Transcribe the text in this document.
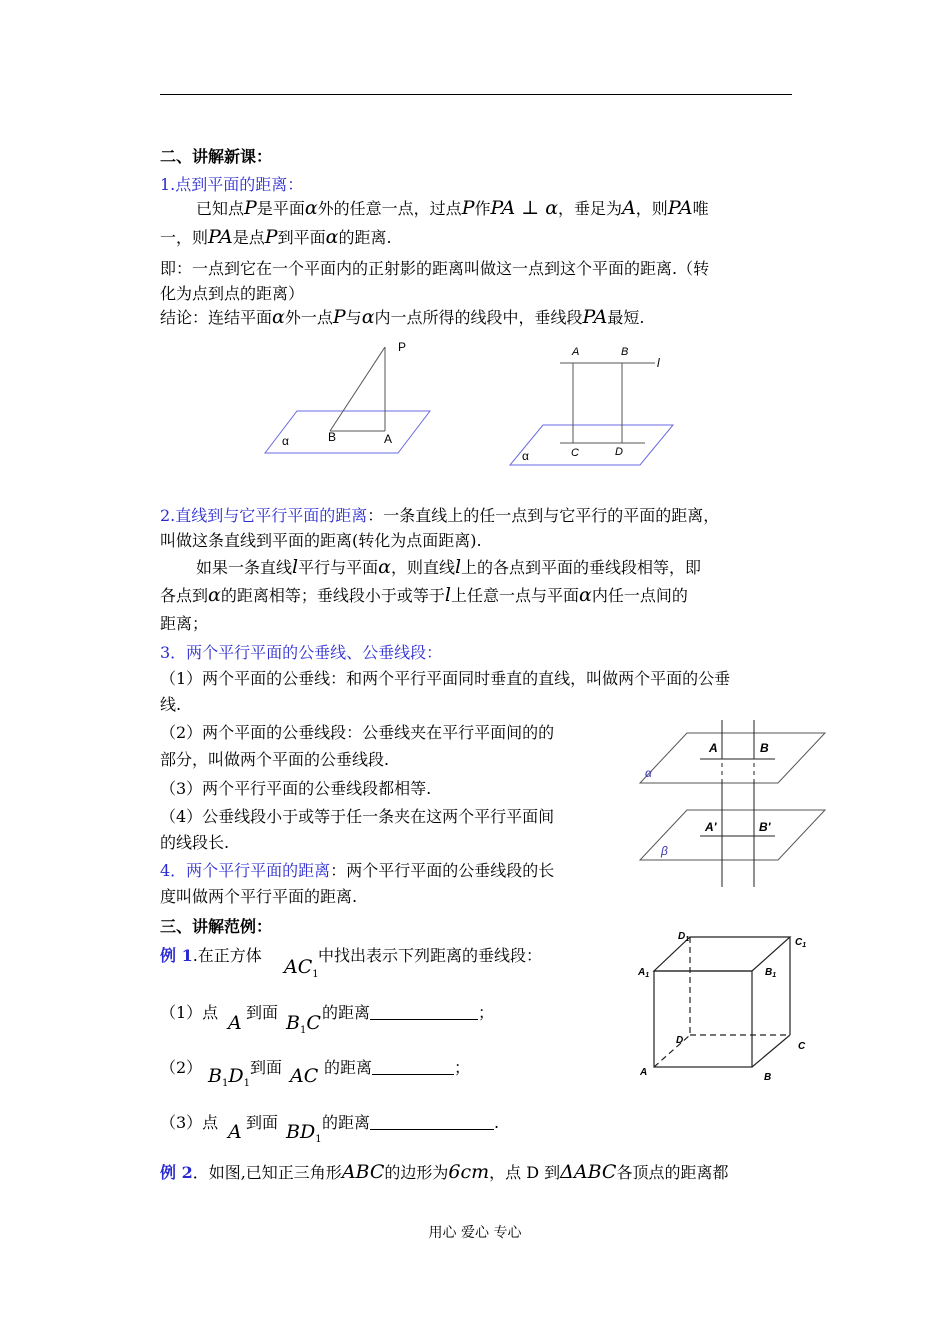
二、讲解新课：
1.点到平面的距离：
已知点P是平面α外的任意一点，过点P作PA ⊥ α，垂足为A，则PA唯
一，则PA是点P到平面α的距离.
即：一点到它在一个平面内的正射影的距离叫做这一点到这个平面的距离.（转
化为点到点的距离）
结论：连结平面α外一点P与α内一点所得的线段中，垂线段PA最短.
P
B	A
α
A	B
l
C	D
α
2.直线到与它平行平面的距离：一条直线上的任一点到与它平行的平面的距离，
叫做这条直线到平面的距离(转化为点面距离).
如果一条直线l平行与平面α，则直线l上的各点到平面的垂线段相等，即
各点到α的距离相等；垂线段小于或等于l上任意一点与平面α内任一点间的
距离；
3．两个平行平面的公垂线、公垂线段：
（1）两个平面的公垂线：和两个平行平面同时垂直的直线，叫做两个平面的公垂
线.
（2）两个平面的公垂线段：公垂线夹在平行平面间的的
部分，叫做两个平面的公垂线段.
（3）两个平行平面的公垂线段都相等.
（4）公垂线段小于或等于任一条夹在这两个平行平面间
的线段长.
4．两个平行平面的距离：两个平行平面的公垂线段的长
度叫做两个平行平面的距离.
A	B
α
A'	B'
β
三、讲解范例：
例 1.在正方体
$AC_1$
中找出表示下列距离的垂线段：
（1）点 A 到面 $B_1C$ 的距离	；
（2） $B_1D_1$
到面 AC 的距离	；
（3）点 A 到面 $BD_1$
的距离	.
$D_1$	$C_1$
$A_1$	$B_1$
D
C
A	B
例 2．如图,已知正三角形ABC的边形为6cm，点 D 到ΔABC各顶点的距离都
用心 爱心 专心
